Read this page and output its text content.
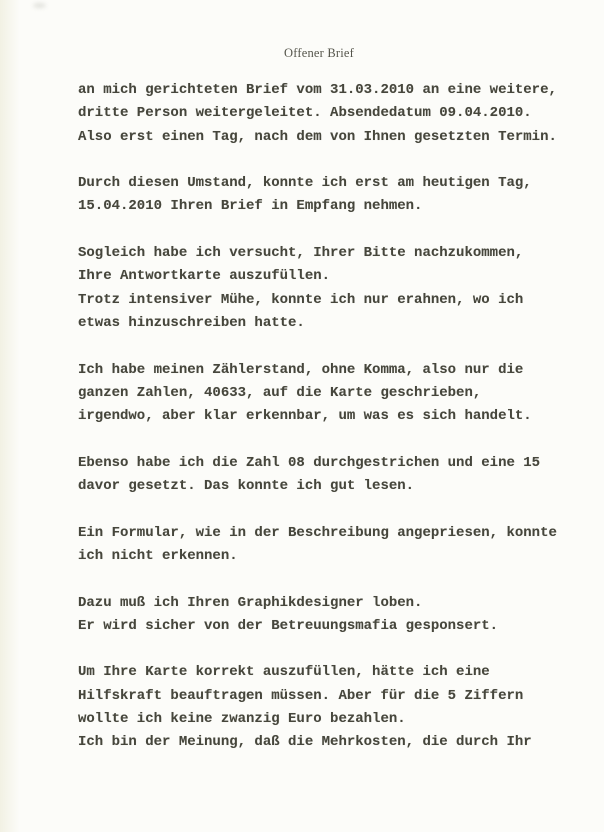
Offener Brief
an mich gerichteten Brief vom 31.03.2010 an eine weitere,
dritte Person weitergeleitet. Absendedatum 09.04.2010.
Also erst einen Tag, nach dem von Ihnen gesetzten Termin.
Durch diesen Umstand, konnte ich erst am heutigen Tag,
15.04.2010 Ihren Brief in Empfang nehmen.
Sogleich habe ich versucht, Ihrer Bitte nachzukommen,
Ihre Antwortkarte auszufüllen.
Trotz intensiver Mühe, konnte ich nur erahnen, wo ich
etwas hinzuschreiben hatte.
Ich habe meinen Zählerstand, ohne Komma, also nur die
ganzen Zahlen, 40633, auf die Karte geschrieben,
irgendwo, aber klar erkennbar, um was es sich handelt.
Ebenso habe ich die Zahl 08 durchgestrichen und eine 15
davor gesetzt. Das konnte ich gut lesen.
Ein Formular, wie in der Beschreibung angepriesen, konnte
ich nicht erkennen.
Dazu muß ich Ihren Graphikdesigner loben.
Er wird sicher von der Betreuungsmafia gesponsert.
Um Ihre Karte korrekt auszufüllen, hätte ich eine
Hilfskraft beauftragen müssen. Aber für die 5 Ziffern
wollte ich keine zwanzig Euro bezahlen.
Ich bin der Meinung, daß die Mehrkosten, die durch Ihr
